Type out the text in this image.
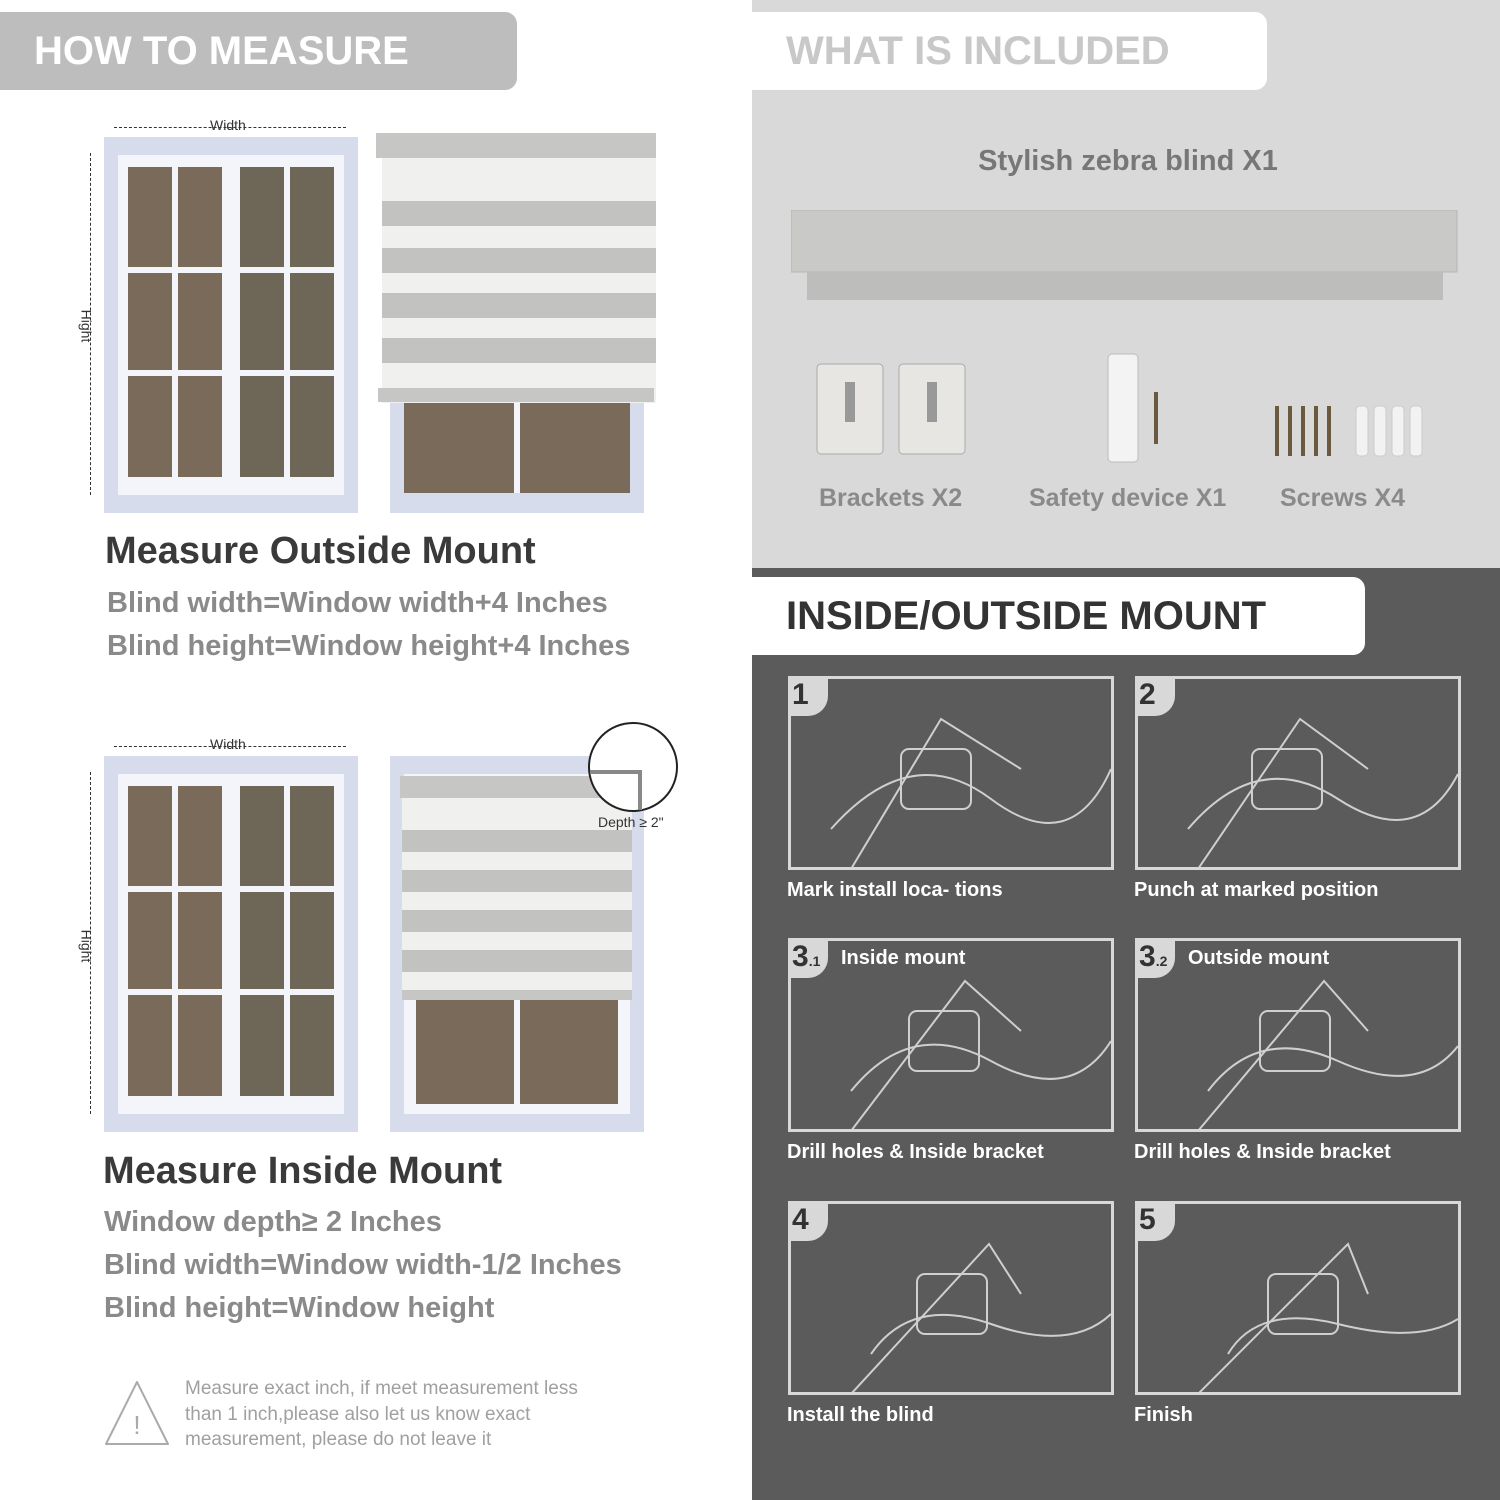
HOW TO MEASURE
Width
Hight
Measure Outside Mount
Blind width=Window width+4 Inches
Blind height=Window height+4 Inches
Width
Hight
Depth ≥ 2"
Measure Inside Mount
Window depth≥ 2 Inches
Blind width=Window width-1/2 Inches
Blind height=Window height
!
Measure exact inch, if meet measurement less
than 1 inch,please also let us know exact
measurement, please do not leave it
WHAT IS INCLUDED
Stylish zebra blind X1
Brackets X2	Safety device X1 Screws X4
INSIDE/OUTSIDE MOUNT
1
Mark install loca- tions
2
Punch at marked position
3.1	Inside mount
Drill holes & Inside bracket
3.2	Outside mount
Drill holes & Inside bracket
4
Install the blind
5
Finish
